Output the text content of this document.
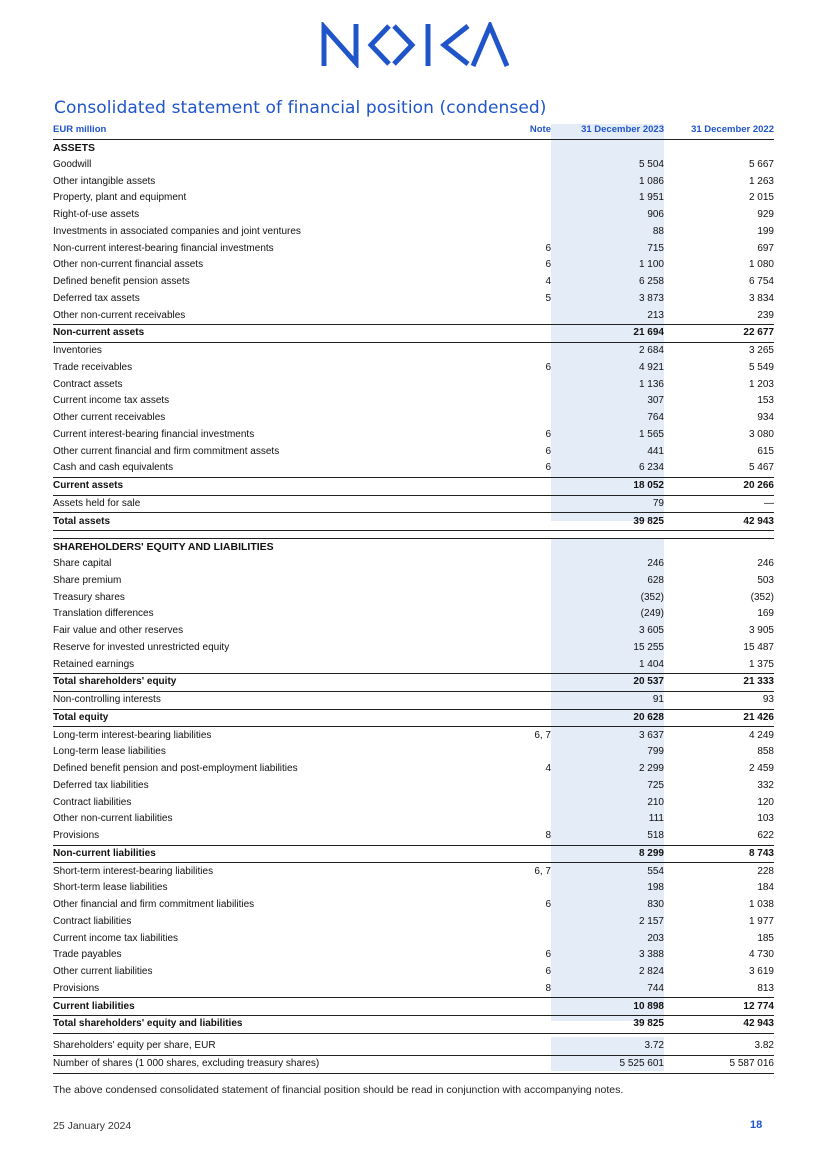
Consolidated statement of financial position (condensed)
EUR million	Note	31 December 2023	31 December 2022
ASSETS			
Goodwill		5 504	5 667
Other intangible assets		1 086	1 263
Property, plant and equipment		1 951	2 015
Right-of-use assets		906	929
Investments in associated companies and joint ventures		88	199
Non-current interest-bearing financial investments	6	715	697
Other non-current financial assets	6	1 100	1 080
Defined benefit pension assets	4	6 258	6 754
Deferred tax assets	5	3 873	3 834
Other non-current receivables		213	239
Non-current assets		21 694	22 677
Inventories		2 684	3 265
Trade receivables	6	4 921	5 549
Contract assets		1 136	1 203
Current income tax assets		307	153
Other current receivables		764	934
Current interest-bearing financial investments	6	1 565	3 080
Other current financial and firm commitment assets	6	441	615
Cash and cash equivalents	6	6 234	5 467
Current assets		18 052	20 266
Assets held for sale		79	—
Total assets		39 825	42 943
SHAREHOLDERS' EQUITY AND LIABILITIES			
Share capital		246	246
Share premium		628	503
Treasury shares		(352)	(352)
Translation differences		(249)	169
Fair value and other reserves		3 605	3 905
Reserve for invested unrestricted equity		15 255	15 487
Retained earnings		1 404	1 375
Total shareholders' equity		20 537	21 333
Non-controlling interests		91	93
Total equity		20 628	21 426
Long-term interest-bearing liabilities	6, 7	3 637	4 249
Long-term lease liabilities		799	858
Defined benefit pension and post-employment liabilities	4	2 299	2 459
Deferred tax liabilities		725	332
Contract liabilities		210	120
Other non-current liabilities		111	103
Provisions	8	518	622
Non-current liabilities		8 299	8 743
Short-term interest-bearing liabilities	6, 7	554	228
Short-term lease liabilities		198	184
Other financial and firm commitment liabilities	6	830	1 038
Contract liabilities		2 157	1 977
Current income tax liabilities		203	185
Trade payables	6	3 388	4 730
Other current liabilities	6	2 824	3 619
Provisions	8	744	813
Current liabilities		10 898	12 774
Total shareholders' equity and liabilities		39 825	42 943
Shareholders' equity per share, EUR		3.72	3.82
Number of shares (1 000 shares, excluding treasury shares)		5 525 601	5 587 016
The above condensed consolidated statement of financial position should be read in conjunction with accompanying notes.
25 January 2024	18
